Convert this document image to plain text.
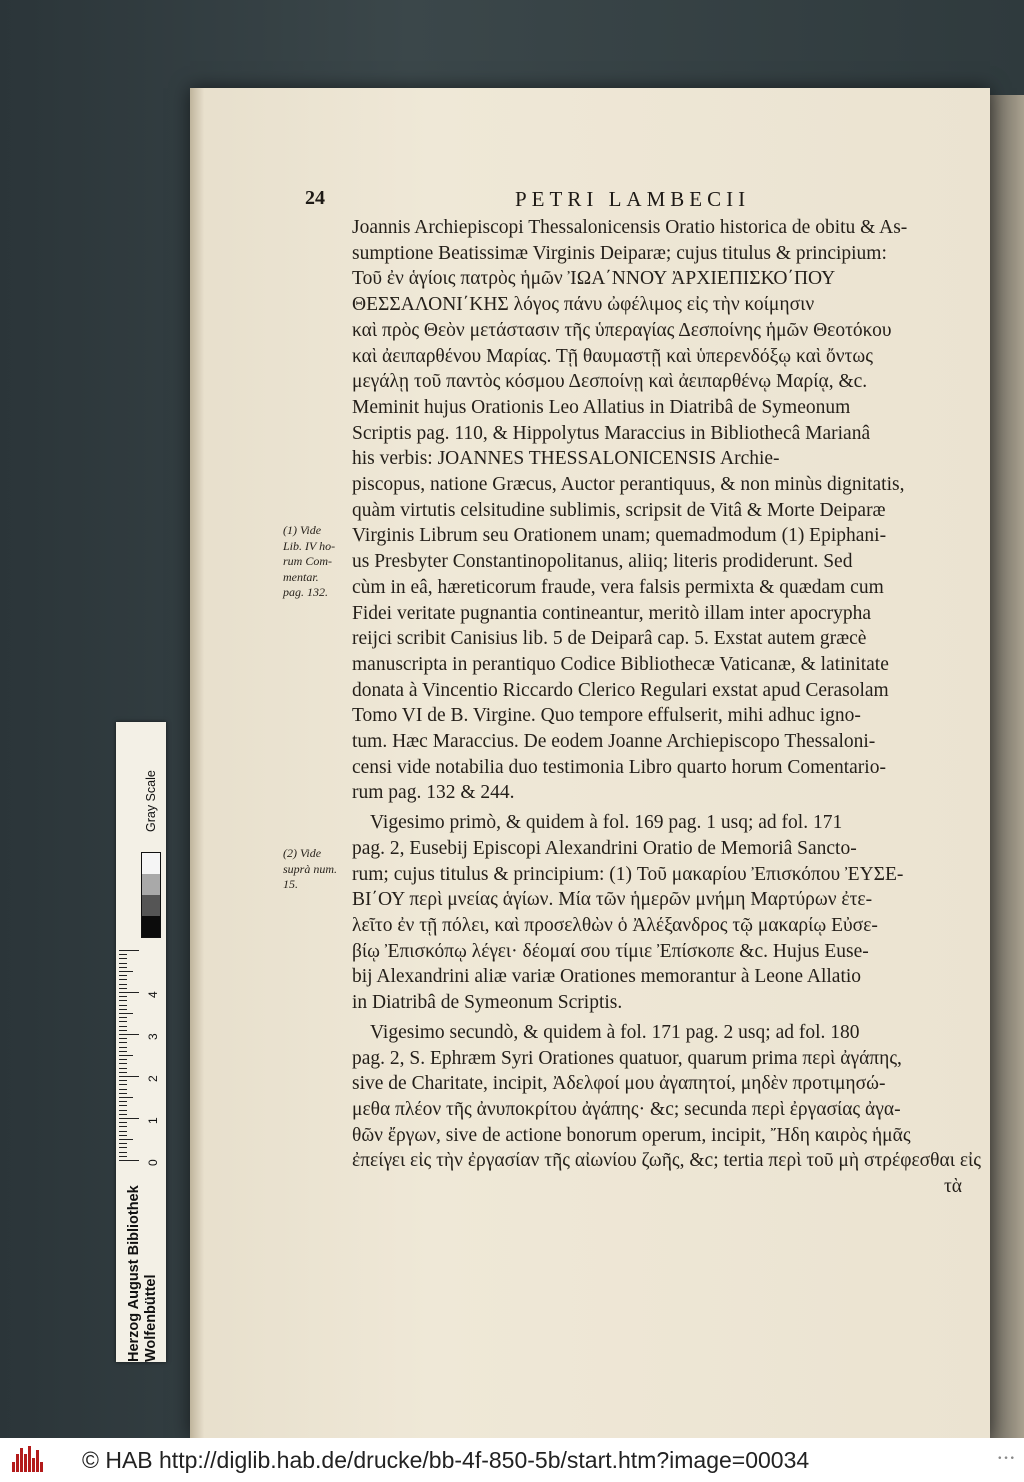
24	PETRI LAMBECII

Joannis Archiepiscopi Thessalonicensis Oratio historica de obitu & As-

sumptione Beatissimæ Virginis Deiparæ; cujus titulus & principium:

Τοῦ ἐν ἁγίοις πατρὸς ἡμῶν ἸΩΑ΄ΝΝΟΥ ἈΡΧΙΕΠΙΣΚΟ΄ΠΟΥ

ΘΕΣΣΑΛΟΝΙ΄ΚΗΣ λόγος πάνυ ὠφέλιμος εἰς τὴν κοίμησιν

καὶ πρὸς Θεὸν μετάστασιν τῆς ὑπεραγίας Δεσποίνης ἡμῶν Θεοτόκου

καὶ ἀειπαρθένου Μαρίας. Τῇ θαυμαστῇ καὶ ὑπερενδόξῳ καὶ ὄντως

μεγάλῃ τοῦ παντὸς κόσμου Δεσποίνῃ καὶ ἀειπαρθένῳ Μαρίᾳ, &c.

Meminit hujus Orationis Leo Allatius in Diatribâ de Symeonum

Scriptis pag. 110, & Hippolytus Maraccius in Bibliothecâ Marianâ

his verbis: JOANNES THESSALONICENSIS Archie-

piscopus, natione Græcus, Auctor perantiquus, & non minùs dignitatis,

quàm virtutis celsitudine sublimis, scripsit de Vitâ & Morte Deiparæ

Virginis Librum seu Orationem unam; quemadmodum (1) Epiphani-

us Presbyter Constantinopolitanus, aliiq; literis prodiderunt. Sed

cùm in eâ, hæreticorum fraude, vera falsis permixta & quædam cum

Fidei veritate pugnantia contineantur, meritò illam inter apocrypha

reijci scribit Canisius lib. 5 de Deiparâ cap. 5. Exstat autem græcè

manuscripta in perantiquo Codice Bibliothecæ Vaticanæ, & latinitate

donata à Vincentio Riccardo Clerico Regulari exstat apud Cerasolam

Tomo VI de B. Virgine. Quo tempore effulserit, mihi adhuc igno-

tum. Hæc Maraccius. De eodem Joanne Archiepiscopo Thessaloni-

censi vide notabilia duo testimonia Libro quarto horum Comentario-

rum pag. 132 & 244.

Vigesimo primò, & quidem à fol. 169 pag. 1 usq; ad fol. 171

pag. 2, Eusebij Episcopi Alexandrini Oratio de Memoriâ Sancto-

rum; cujus titulus & principium: (1) Τοῦ μακαρίου Ἐπισκόπου ἘΥΣΕ-

ΒΙ΄ΟΥ περὶ μνείας ἁγίων. Μία τῶν ἡμερῶν μνήμη Μαρτύρων ἐτε-

λεῖτο ἐν τῇ πόλει, καὶ προσελθὼν ὁ Ἀλέξανδρος τῷ μακαρίῳ Εὐσε-

βίῳ Ἐπισκόπῳ λέγει· δέομαί σου τίμιε Ἐπίσκοπε &c. Hujus Euse-

bij Alexandrini aliæ variæ Orationes memorantur à Leone Allatio

in Diatribâ de Symeonum Scriptis.

Vigesimo secundò, & quidem à fol. 171 pag. 2 usq; ad fol. 180

pag. 2, S. Ephræm Syri Orationes quatuor, quarum prima περὶ ἀγάπης,

sive de Charitate, incipit, Ἀδελφοί μου ἀγαπητοί, μηδὲν προτιμησώ-

μεθα πλέον τῆς ἀνυποκρίτου ἀγάπης· &c; secunda περὶ ἐργασίας ἀγα-

θῶν ἔργων, sive de actione bonorum operum, incipit, Ἤδη καιρὸς ἡμᾶς

ἐπείγει εἰς τὴν ἐργασίαν τῆς αἰωνίου ζωῆς, &c; tertia περὶ τοῦ μὴ στρέφεσθαι εἰς

τὰ

(1) Vide
Lib. IV ho-
rum Com-
mentar.
pag. 132.
(2) Vide
suprà num.
15.
Gray Scale
0
1
2
3
4
Herzog August Bibliothek Wolfenbüttel
© HAB http://diglib.hab.de/drucke/bb-4f-850-5b/start.htm?image=00034	•••
